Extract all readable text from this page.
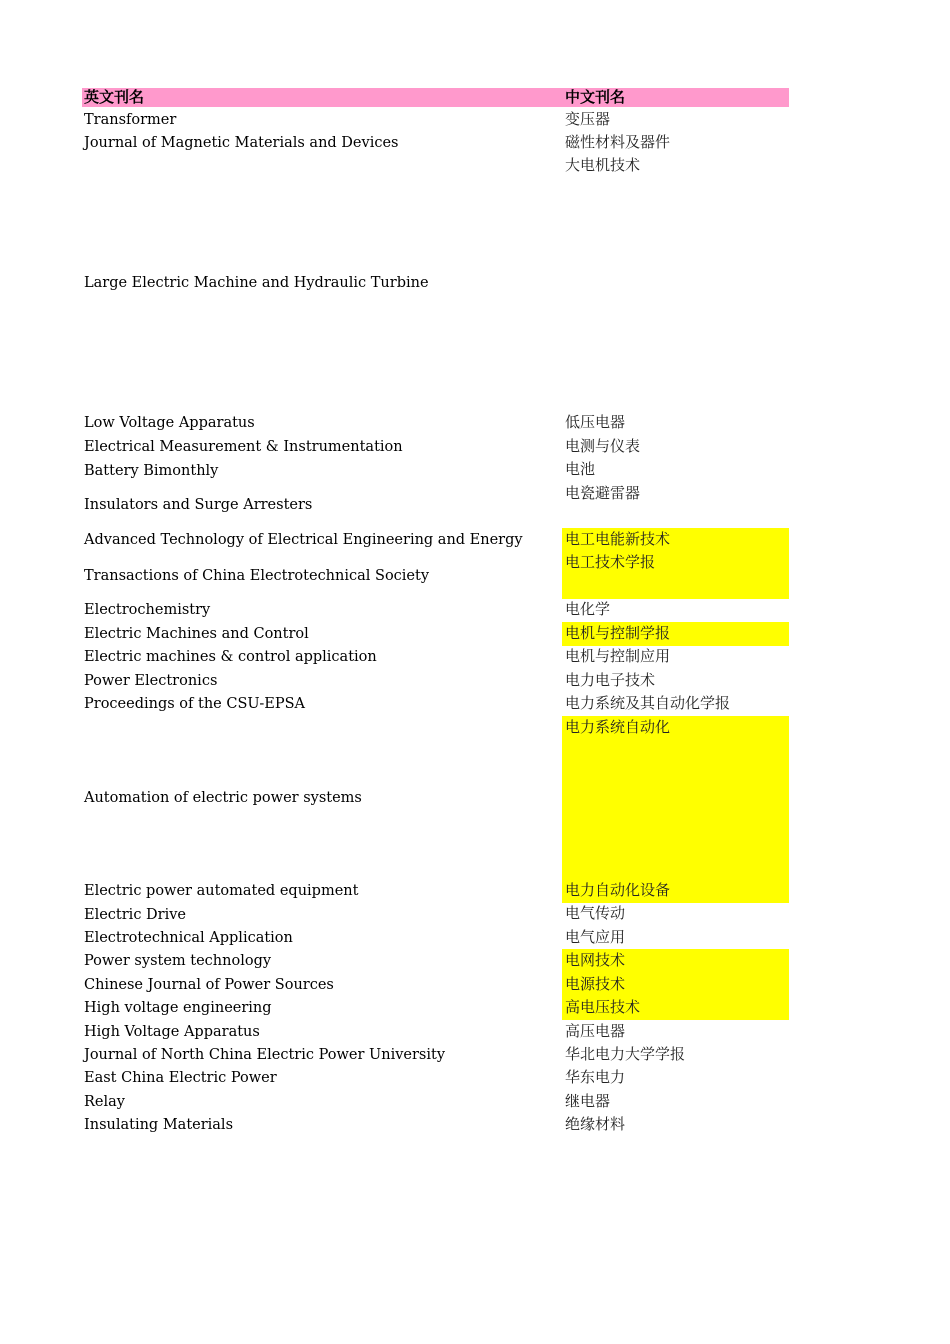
英文刊名	中文刊名
Transformer
Journal of Magnetic Materials and Devices
Large Electric Machine and Hydraulic Turbine
Low Voltage Apparatus
Electrical Measurement & Instrumentation
Battery Bimonthly
Insulators and Surge Arresters
Advanced Technology of Electrical Engineering and Energy
Transactions of China Electrotechnical Society
Electrochemistry
Electric Machines and Control
Electric machines & control application
Power Electronics
Proceedings of the CSU-EPSA
Automation of electric power systems
Electric power automated equipment
Electric Drive
Electrotechnical Application
Power system technology
Chinese Journal of Power Sources
High voltage engineering
High Voltage Apparatus
Journal of North China Electric Power University
East China Electric Power
Relay
Insulating Materials
变压器
磁性材料及器件
大电机技术
低压电器
电测与仪表
电池
电瓷避雷器
电工电能新技术
电工技术学报
电化学
电机与控制学报
电机与控制应用
电力电子技术
电力系统及其自动化学报
电力系统自动化
电力自动化设备
电气传动
电气应用
电网技术
电源技术
高电压技术
高压电器
华北电力大学学报
华东电力
继电器
绝缘材料
